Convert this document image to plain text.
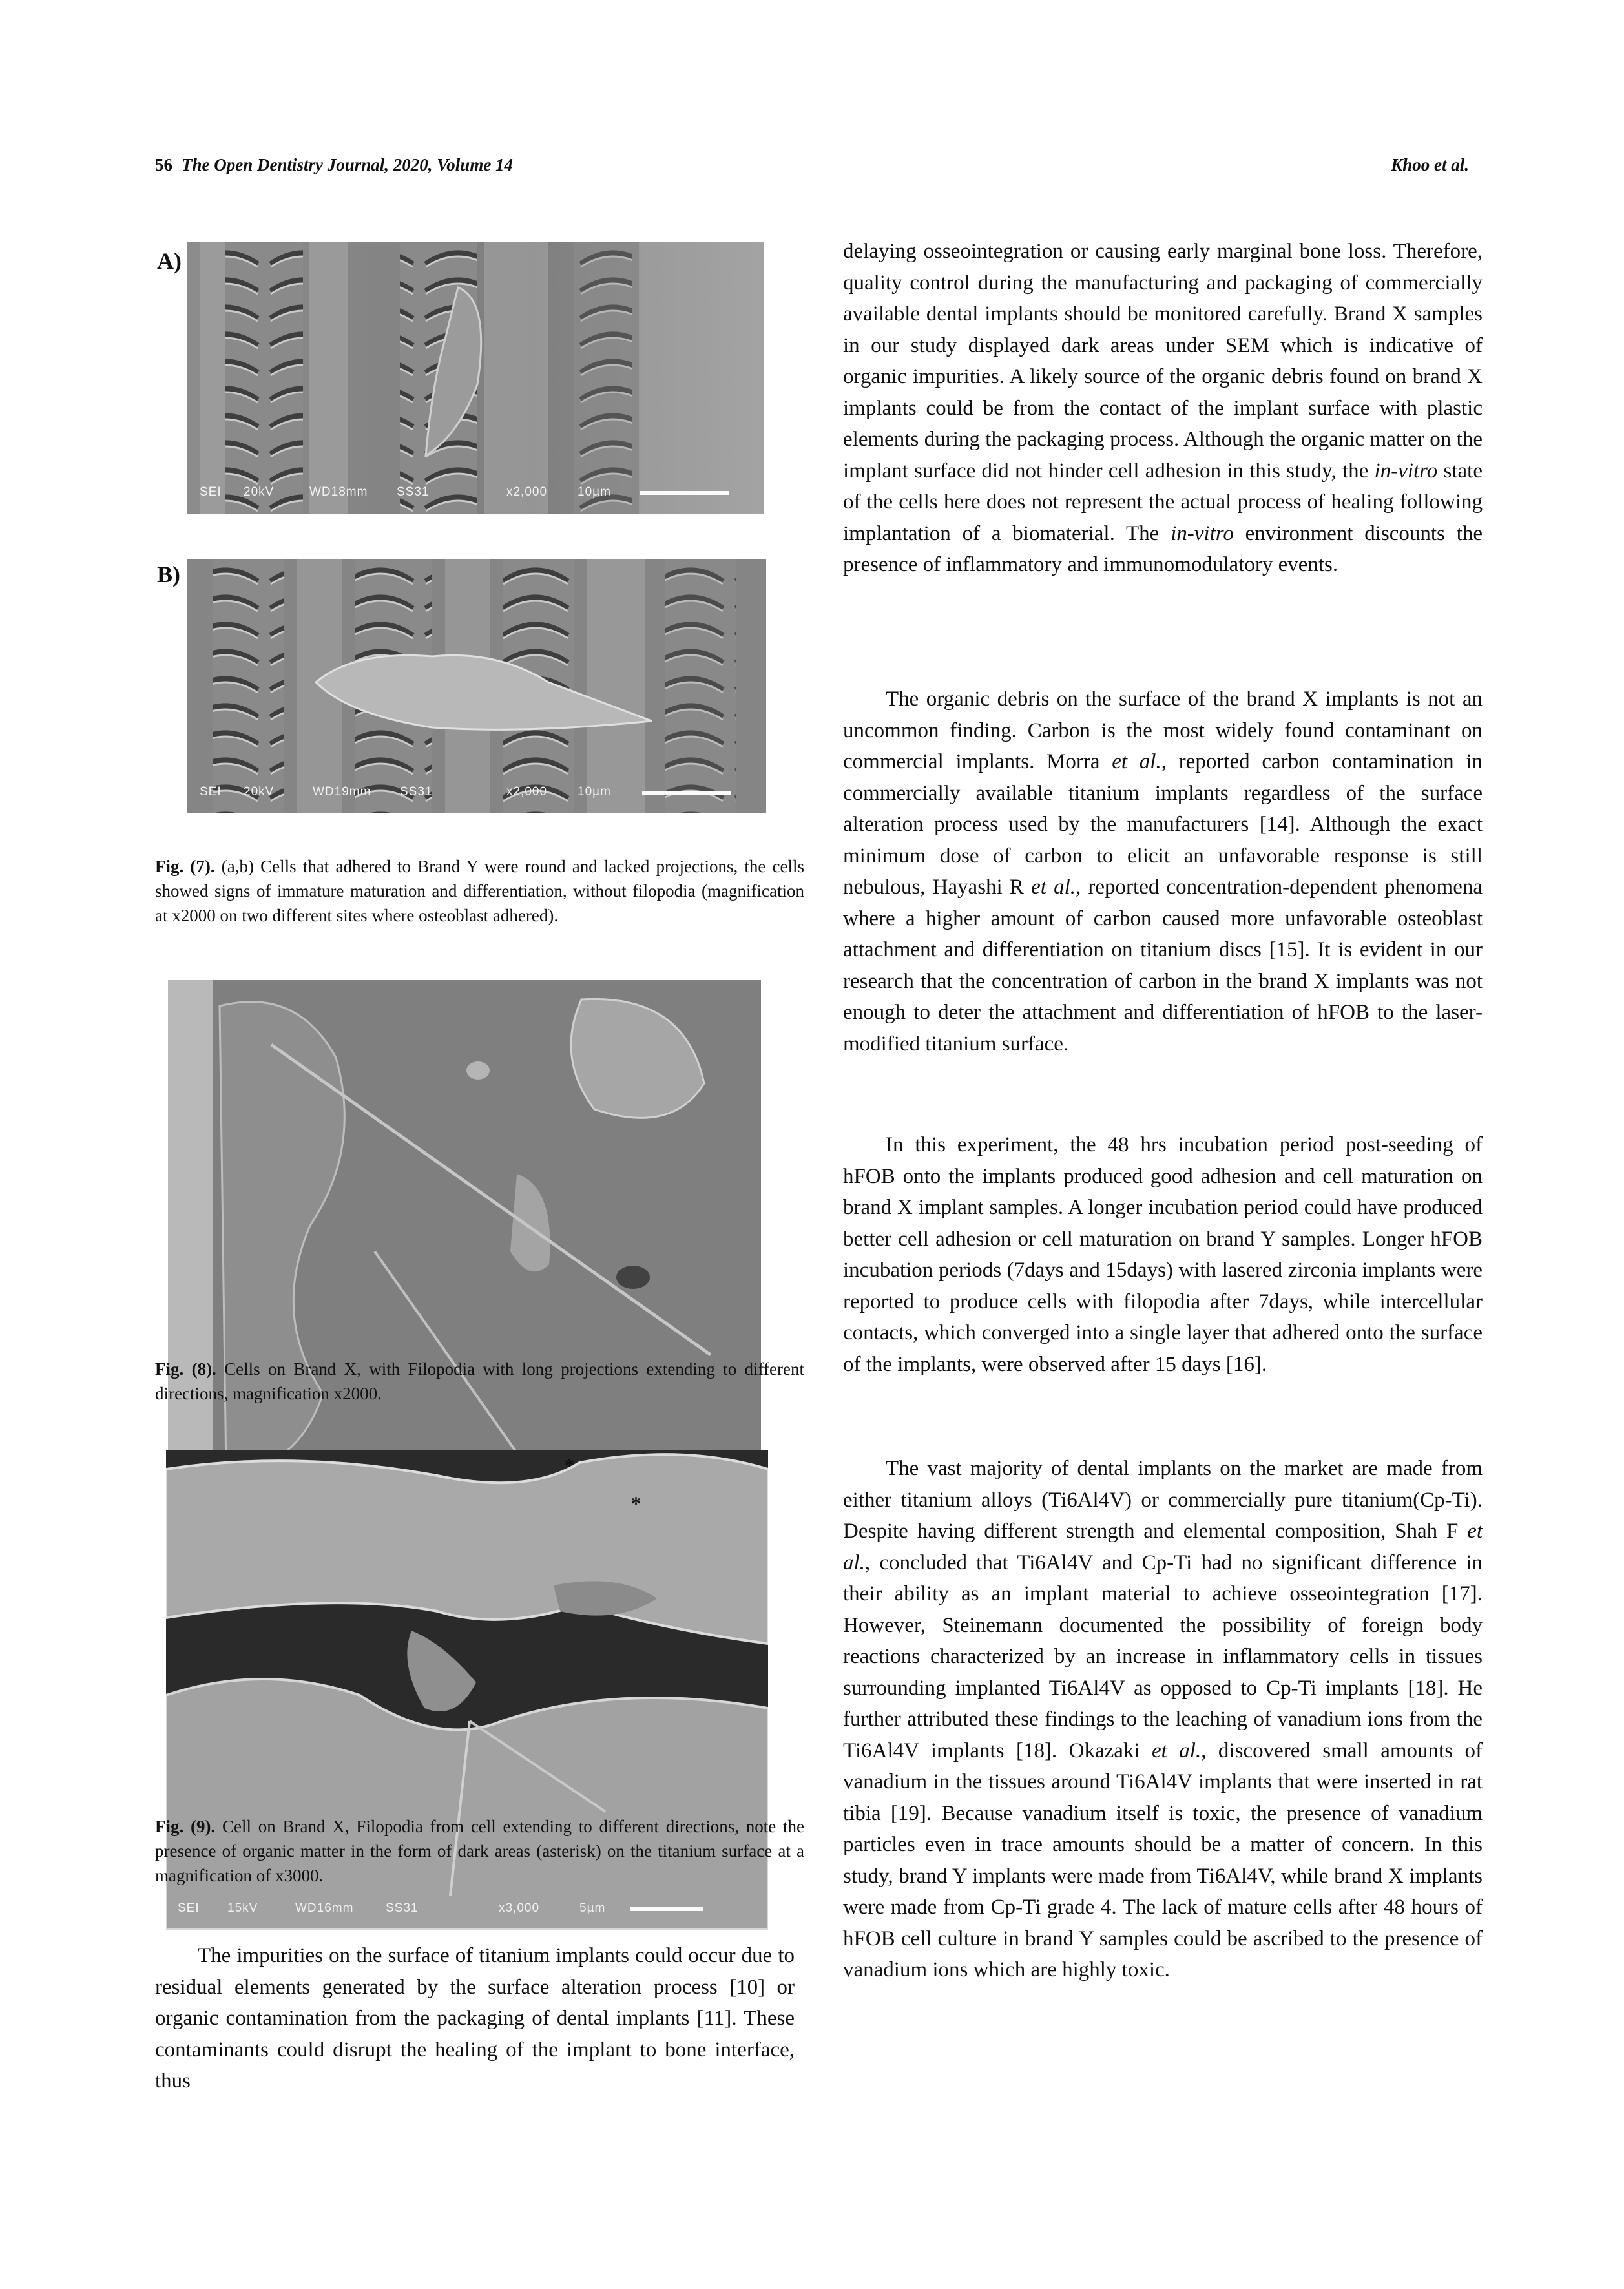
56 The Open Dentistry Journal, 2020, Volume 14	Khoo et al.
A)
SEI 20kV	WD18mm SS31	x2,000 10µm
B)
SEI 20kV	WD19mm SS31	x2,000 10µm
Fig. (7). (a,b) Cells that adhered to Brand Y were round and lacked projections, the cells showed signs of immature maturation and differentiation, without filopodia (magnification at x2000 on two different sites where osteoblast adhered).
Fig. (8). Cells on Brand X, with Filopodia with long projections extending to different directions, magnification x2000.
*
*
SEI 15kV	WD16mm	SS31	x3,000	5µm
Fig. (9). Cell on Brand X, Filopodia from cell extending to different directions, note the presence of organic matter in the form of dark areas (asterisk) on the titanium surface at a magnification of x3000.

The impurities on the surface of titanium implants could occur due to residual elements generated by the surface alteration process [10] or organic contamination from the packaging of dental implants [11]. These contaminants could disrupt the healing of the implant to bone interface, thus

delaying osseointegration or causing early marginal bone loss. Therefore, quality control during the manufacturing and packaging of commercially available dental implants should be monitored carefully. Brand X samples in our study displayed dark areas under SEM which is indicative of organic impurities. A likely source of the organic debris found on brand X implants could be from the contact of the implant surface with plastic elements during the packaging process. Although the organic matter on the implant surface did not hinder cell adhesion in this study, the in-vitro state of the cells here does not represent the actual process of healing following implantation of a biomaterial. The in-vitro environment discounts the presence of inflammatory and immunomodulatory events.

The organic debris on the surface of the brand X implants is not an uncommon finding. Carbon is the most widely found contaminant on commercial implants. Morra et al., reported carbon contamination in commercially available titanium implants regardless of the surface alteration process used by the manufacturers [14]. Although the exact minimum dose of carbon to elicit an unfavorable response is still nebulous, Hayashi R et al., reported concentration-dependent phenomena where a higher amount of carbon caused more unfavorable osteoblast attachment and differentiation on titanium discs [15]. It is evident in our research that the concentration of carbon in the brand X implants was not enough to deter the attachment and differentiation of hFOB to the laser-modified titanium surface.

In this experiment, the 48 hrs incubation period post-seeding of hFOB onto the implants produced good adhesion and cell maturation on brand X implant samples. A longer incubation period could have produced better cell adhesion or cell maturation on brand Y samples. Longer hFOB incubation periods (7days and 15days) with lasered zirconia implants were reported to produce cells with filopodia after 7days, while intercellular contacts, which converged into a single layer that adhered onto the surface of the implants, were observed after 15 days [16].

The vast majority of dental implants on the market are made from either titanium alloys (Ti6Al4V) or commercially pure titanium(Cp-Ti). Despite having different strength and elemental composition, Shah F et al., concluded that Ti6Al4V and Cp-Ti had no significant difference in their ability as an implant material to achieve osseointegration [17]. However, Steinemann documented the possibility of foreign body reactions characterized by an increase in inflammatory cells in tissues surrounding implanted Ti6Al4V as opposed to Cp-Ti implants [18]. He further attributed these findings to the leaching of vanadium ions from the Ti6Al4V implants [18]. Okazaki et al., discovered small amounts of vanadium in the tissues around Ti6Al4V implants that were inserted in rat tibia [19]. Because vanadium itself is toxic, the presence of vanadium particles even in trace amounts should be a matter of concern. In this study, brand Y implants were made from Ti6Al4V, while brand X implants were made from Cp-Ti grade 4. The lack of mature cells after 48 hours of hFOB cell culture in brand Y samples could be ascribed to the presence of vanadium ions which are highly toxic.
